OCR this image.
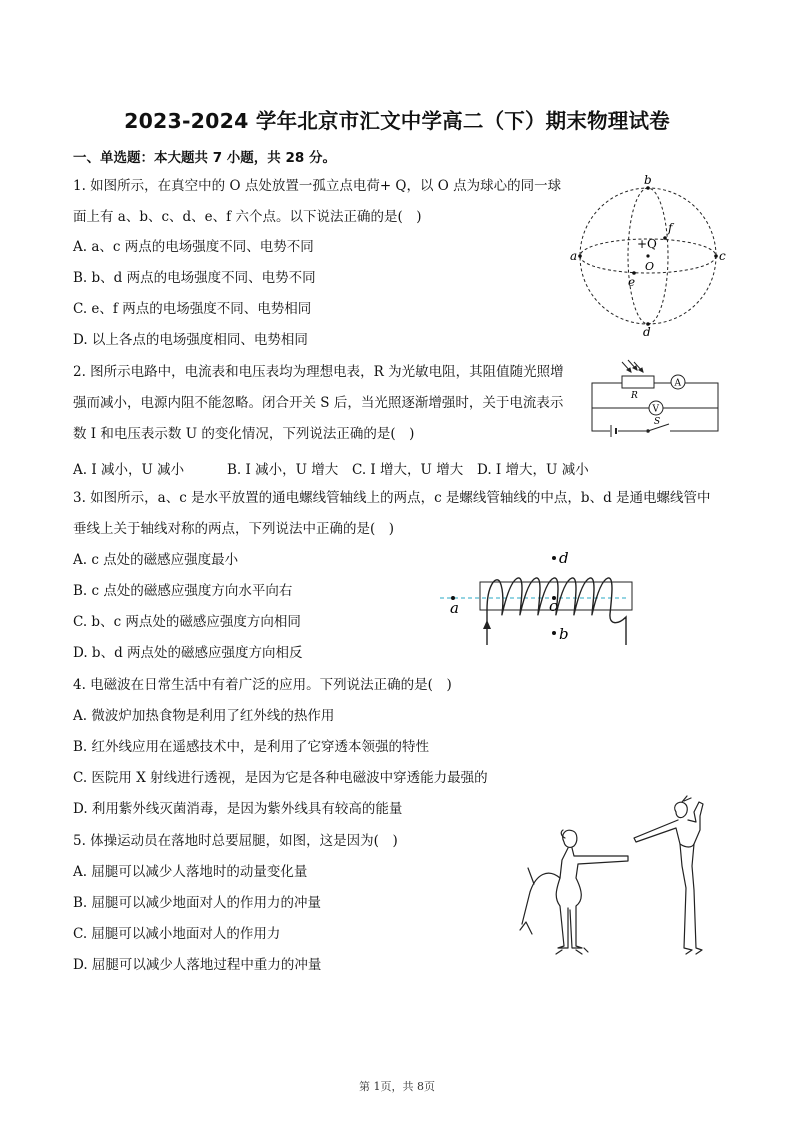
2023-2024 学年北京市汇文中学高二（下）期末物理试卷
一、单选题：本大题共 7 小题，共 28 分。
1. 如图所示，在真空中的 O 点处放置一孤立点电荷+ Q，以 O 点为球心的同一球
面上有 a、b、c、d、e、f 六个点。以下说法正确的是(　)
A. a、c 两点的电场强度不同、电势不同
B. b、d 两点的电场强度不同、电势不同
C. e、f 两点的电场强度不同、电势相同
D. 以上各点的电场强度相同、电势相同
2. 图所示电路中，电流表和电压表均为理想电表，R 为光敏电阻，其阻值随光照增
强而减小，电源内阻不能忽略。闭合开关 S 后，当光照逐渐增强时，关于电流表示
数 I 和电压表示数 U 的变化情况，下列说法正确的是(　)
A. I 减小，U 减小	B. I 减小，U 增大 C. I 增大，U 增大 D. I 增大，U 减小
3. 如图所示，a、c 是水平放置的通电螺线管轴线上的两点，c 是螺线管轴线的中点，b、d 是通电螺线管中
垂线上关于轴线对称的两点，下列说法中正确的是(　)
A. c 点处的磁感应强度最小
B. c 点处的磁感应强度方向水平向右
C. b、c 两点处的磁感应强度方向相同
D. b、d 两点处的磁感应强度方向相反
4. 电磁波在日常生活中有着广泛的应用。下列说法正确的是(　)
A. 微波炉加热食物是利用了红外线的热作用
B. 红外线应用在遥感技术中，是利用了它穿透本领强的特性
C. 医院用 X 射线进行透视，是因为它是各种电磁波中穿透能力最强的
D. 利用紫外线灭菌消毒，是因为紫外线具有较高的能量
5. 体操运动员在落地时总要屈腿，如图，这是因为(　)
A. 屈腿可以减少人落地时的动量变化量
B. 屈腿可以减少地面对人的作用力的冲量
C. 屈腿可以减小地面对人的作用力
D. 屈腿可以减少人落地过程中重力的冲量
a	c
b
d
e
f
+Q
O
R
A
V
S
a	c
d
b
第 1页，共 8页
